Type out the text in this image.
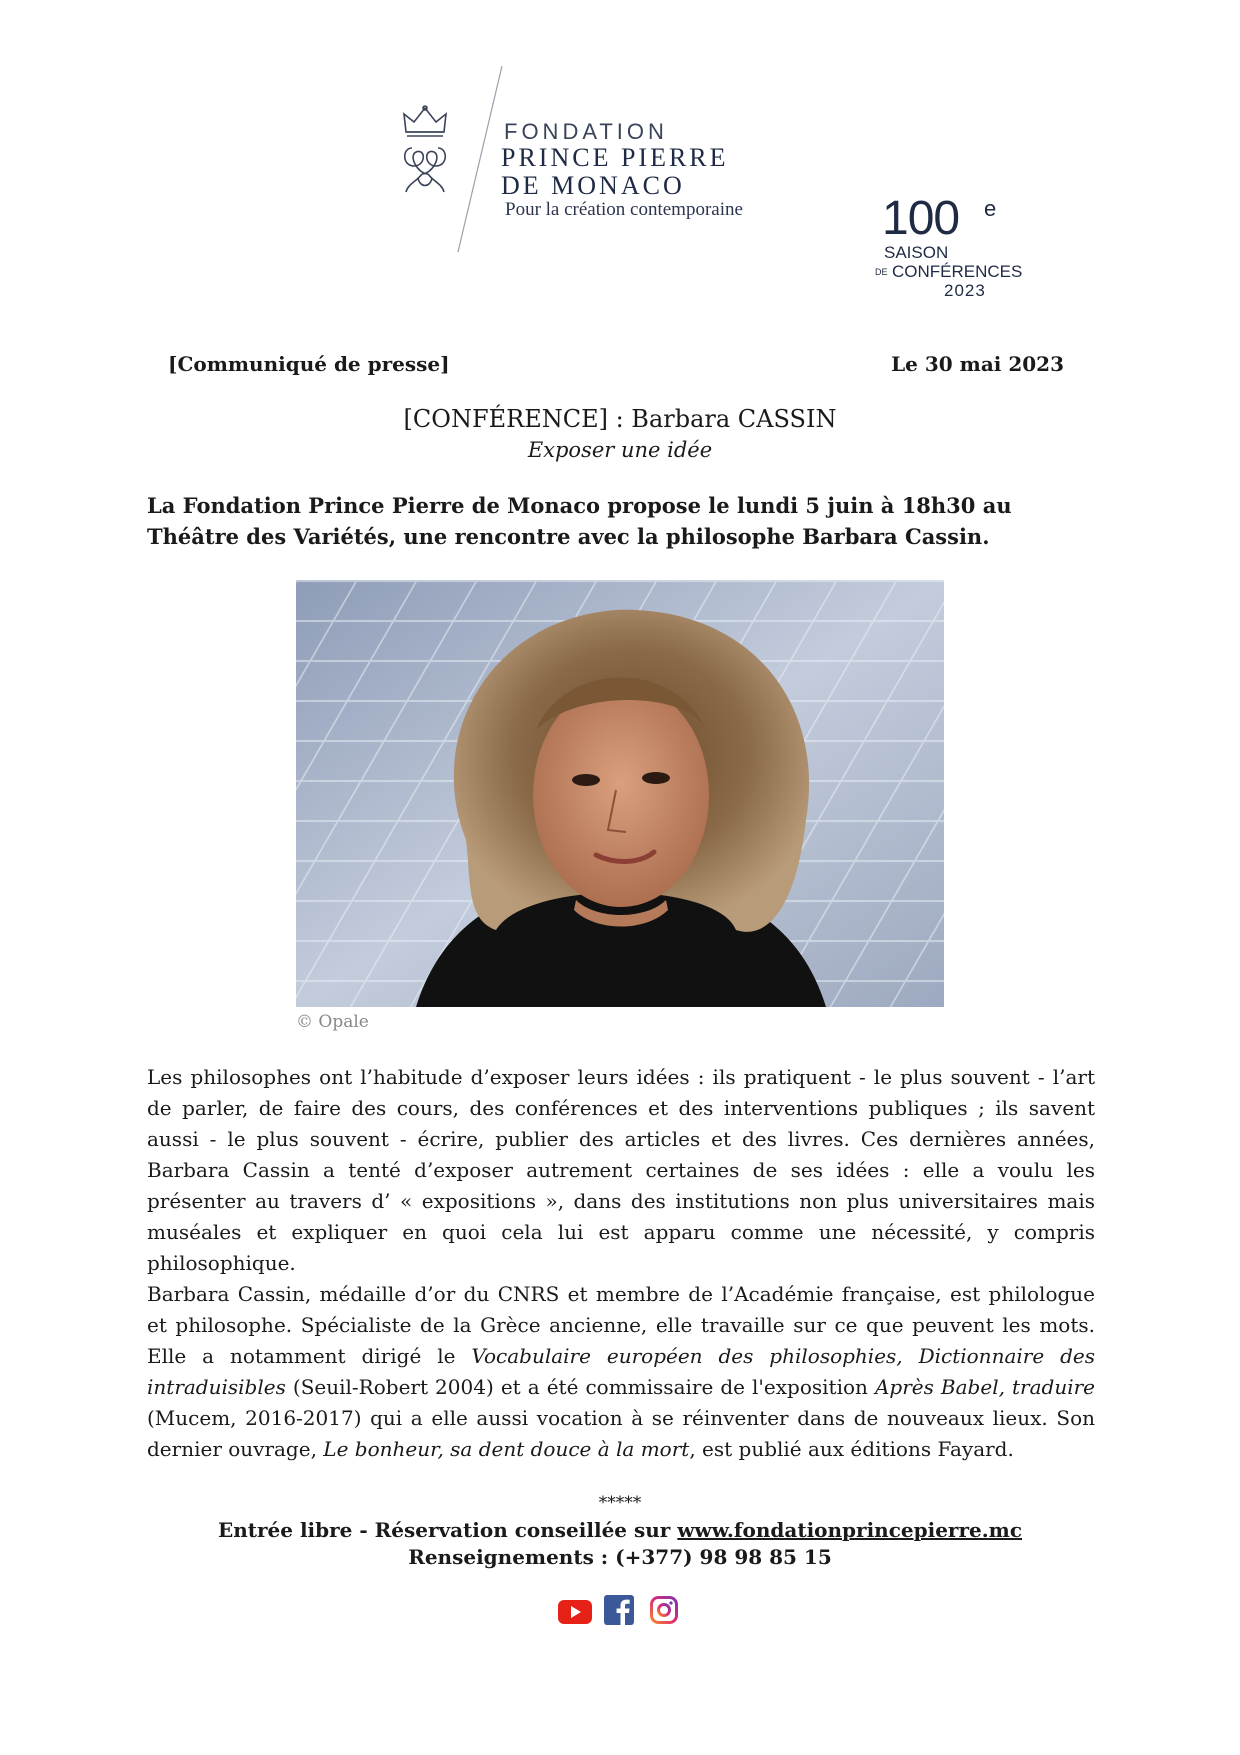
FONDATION
PRINCE PIERRE
DE MONACO
Pour la création contemporaine	100 e
SAISON
DE CONFÉRENCES
2023
[Communiqué de presse]	Le 30 mai 2023
[CONFÉRENCE] : Barbara CASSIN
Exposer une idée
La Fondation Prince Pierre de Monaco propose le lundi 5 juin à 18h30 au Théâtre des Variétés, une rencontre avec la philosophe Barbara Cassin.
© Opale
Les philosophes ont l’habitude d’exposer leurs idées : ils pratiquent - le plus souvent - l’art de parler, de faire des cours, des conférences et des interventions publiques ; ils savent aussi - le plus souvent - écrire, publier des articles et des livres. Ces dernières années, Barbara Cassin a tenté d’exposer autrement certaines de ses idées : elle a voulu les présenter au travers d’ « expositions », dans des institutions non plus universitaires mais muséales et expliquer en quoi cela lui est apparu comme une nécessité, y compris philosophique.
Barbara Cassin, médaille d’or du CNRS et membre de l’Académie française, est philologue et philosophe. Spécialiste de la Grèce ancienne, elle travaille sur ce que peuvent les mots. Elle a notamment dirigé le Vocabulaire européen des philosophies, Dictionnaire des intraduisibles (Seuil-Robert 2004) et a été commissaire de l'exposition Après Babel, traduire (Mucem, 2016-2017) qui a elle aussi vocation à se réinventer dans de nouveaux lieux. Son dernier ouvrage, Le bonheur, sa dent douce à la mort, est publié aux éditions Fayard.
*****
Entrée libre - Réservation conseillée sur www.fondationprincepierre.mc
Renseignements : (+377) 98 98 85 15
